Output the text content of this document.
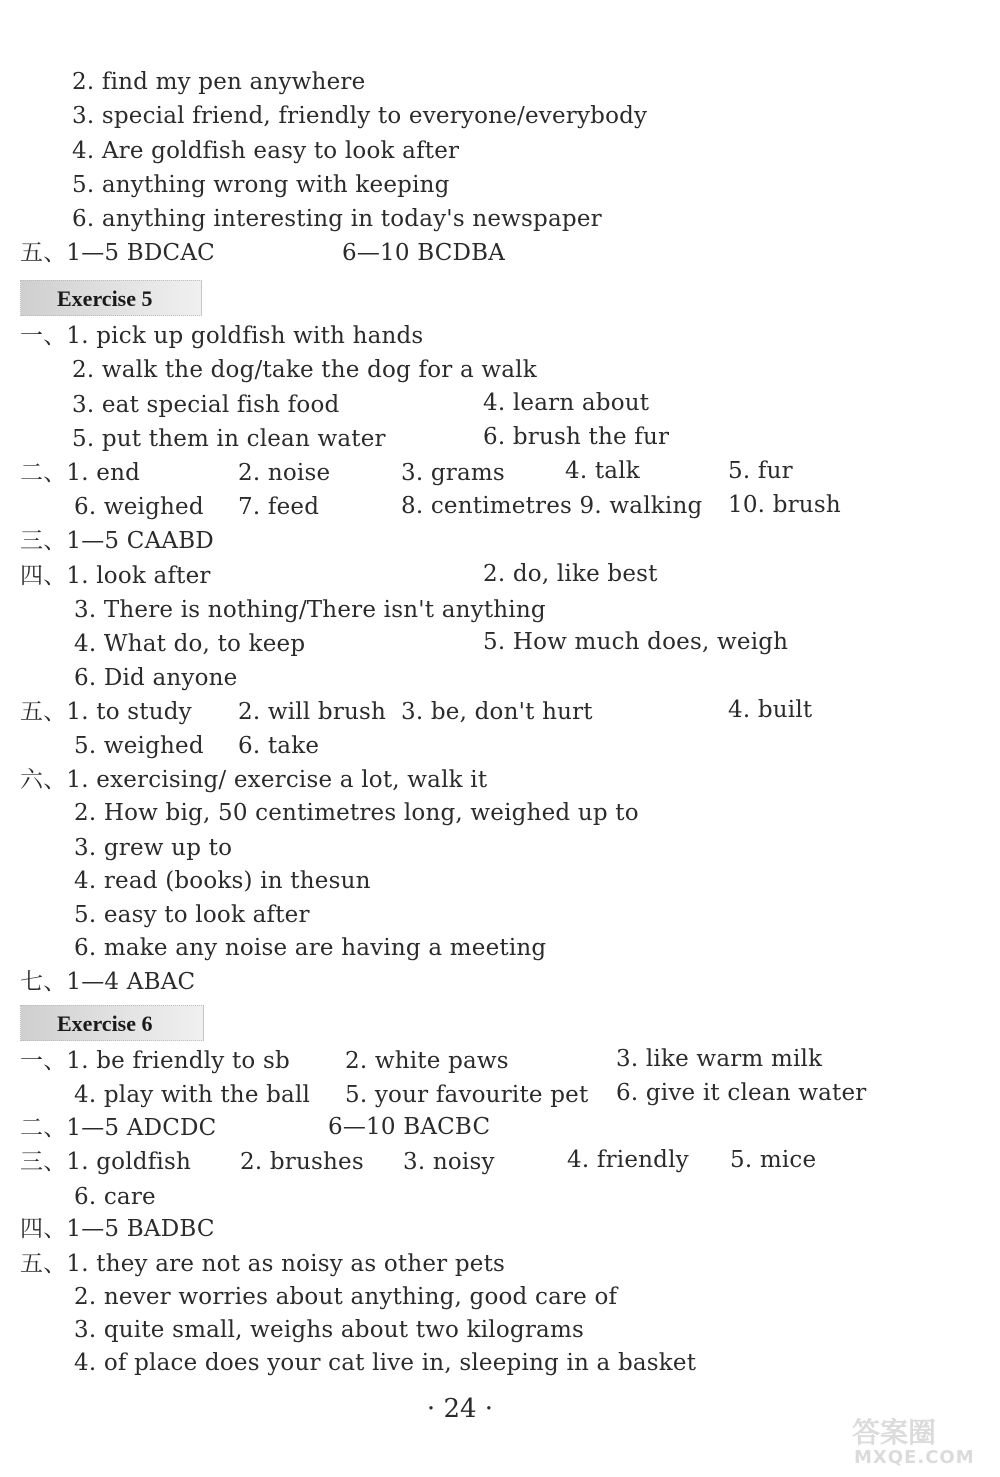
2. find my pen anywhere
3. special friend, friendly to everyone/everybody
4. Are goldfish easy to look after
5. anything wrong with keeping
6. anything interesting in today's newspaper
五、1—5 BDCAC	6—10 BCDBA
Exercise 5
一、1. pick up goldfish with hands
2. walk the dog/take the dog for a walk
3. eat special fish food	4. learn about
5. put them in clean water	6. brush the fur
二、1. end	2. noise	3. grams	4. talk	5. fur
6. weighed 7. feed	8. centimetres 9. walking 10. brush
三、1—5 CAABD
四、1. look after	2. do, like best
3. There is nothing/There isn't anything
4. What do, to keep	5. How much does, weigh
6. Did anyone
五、1. to study 2. will brush 3. be, don't hurt	4. built
5. weighed 6. take
六、1. exercising/ exercise a lot, walk it
2. How big, 50 centimetres long, weighed up to
3. grew up to
4. read (books) in thesun
5. easy to look after
6. make any noise are having a meeting
七、1—4 ABAC
Exercise 6
一、1. be friendly to sb 2. white paws	3. like warm milk
4. play with the ball 5. your favourite pet 6. give it clean water
二、1—5 ADCDC	6—10 BACBC
三、1. goldfish 2. brushes 3. noisy	4. friendly 5. mice
6. care
四、1—5 BADBC
五、1. they are not as noisy as other pets
2. never worries about anything, good care of
3. quite small, weighs about two kilograms
4. of place does your cat live in, sleeping in a basket
· 24 ·
答案圈
MXQE.COM
